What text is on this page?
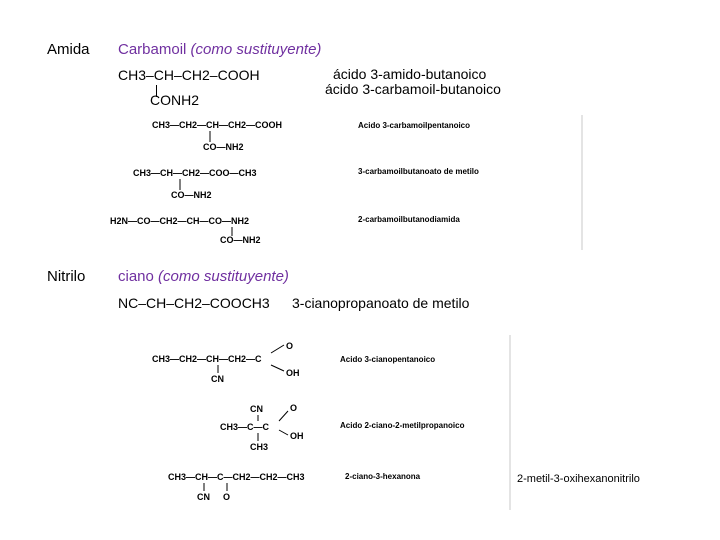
Amida Carbamoil (como sustituyente)
CH3–CH–CH2–COOH
CONH2
ácido 3-amido-butanoico
ácido 3-carbamoil-butanoico
CH3—CH2—CH—CH2—COOH
CO—NH2
Acido 3-carbamoilpentanoico
CH3—CH—CH2—COO—CH3
CO—NH2
3-carbamoilbutanoato de metilo
H2N—CO—CH2—CH—CO—NH2
CO—NH2
2-carbamoilbutanodiamida
Nitrilo ciano (como sustituyente)
NC–CH–CH2–COOCH3 3-cianopropanoato de metilo
CH3—CH2—CH—CH2—C
O
OH
CN
Acido 3-cianopentanoico
CN
CH3—C—C
O
OH
CH3
Acido 2-ciano-2-metilpropanoico
CH3—CH—C—CH2—CH2—CH3
CN O
2-ciano-3-hexanona	2-metil-3-oxihexanonitrilo
